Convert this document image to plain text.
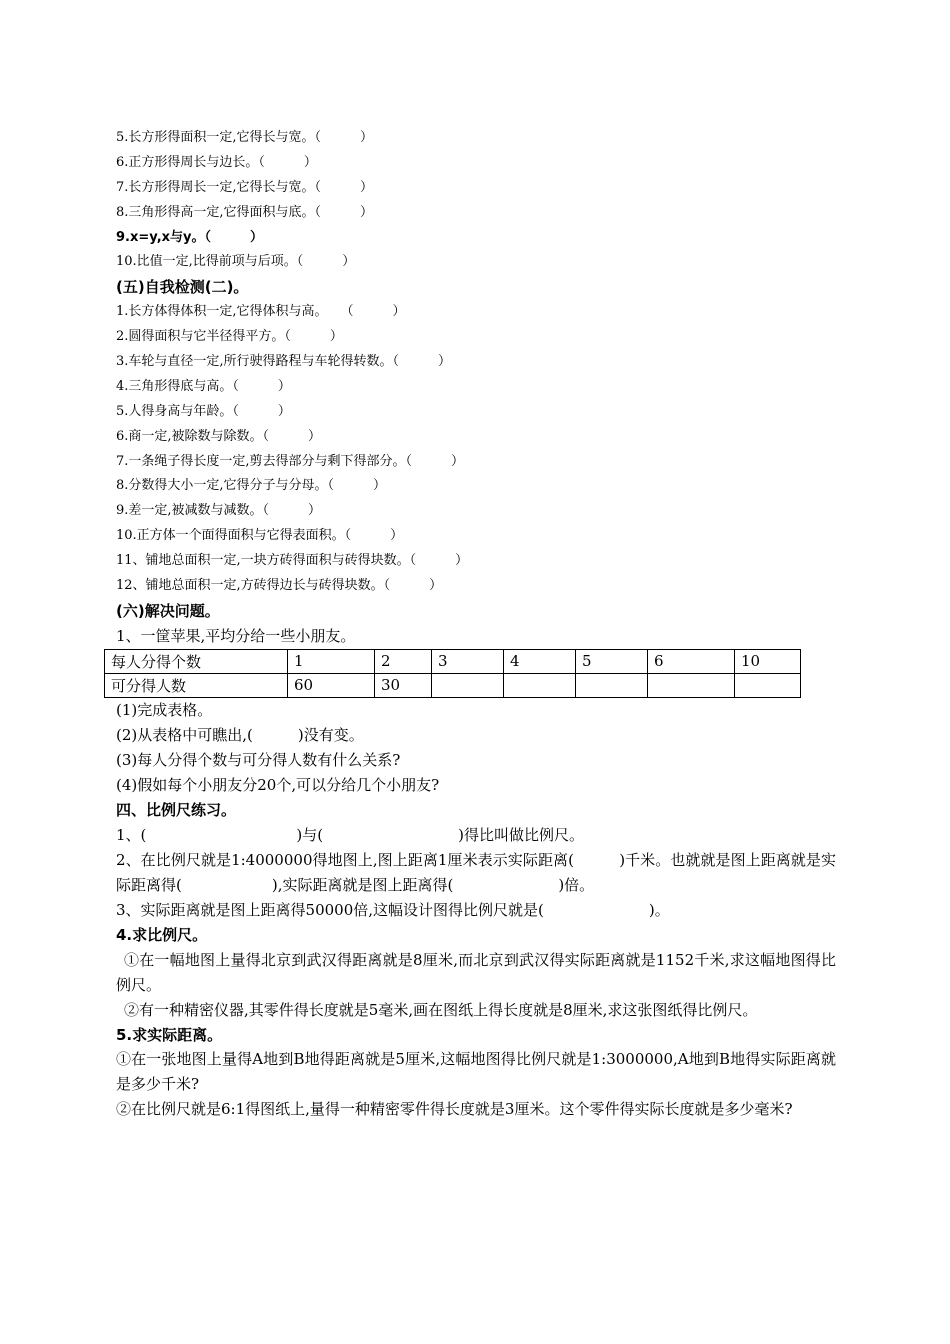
5.长方形得面积一定,它得长与宽。（　　　）
6.正方形得周长与边长。（　　　）
7.长方形得周长一定,它得长与宽。（　　　）
8.三角形得高一定,它得面积与底。（　　　）
9.x=y,x与y。（　　　）
10.比值一定,比得前项与后项。（　　　）
(五)自我检测(二)。
1.长方体得体积一定,它得体积与高。　　（　　　）
2.圆得面积与它半径得平方。（　　　）
3.车轮与直径一定,所行驶得路程与车轮得转数。（　　　）
4.三角形得底与高。（　　　）
5.人得身高与年龄。（　　　）
6.商一定,被除数与除数。（　　　）
7.一条绳子得长度一定,剪去得部分与剩下得部分。（　　　）
8.分数得大小一定,它得分子与分母。（　　　）
9.差一定,被减数与减数。（　　　）
10.正方体一个面得面积与它得表面积。（　　　）
11、铺地总面积一定,一块方砖得面积与砖得块数。（　　　）
12、铺地总面积一定,方砖得边长与砖得块数。（　　　）
(六)解决问题。
1、一筐苹果,平均分给一些小朋友。
每人分得个数	1	2	3	4	5	6	10
可分得人数	60	30					
(1)完成表格。
(2)从表格中可瞧出,(　　　)没有变。
(3)每人分得个数与可分得人数有什么关系?
(4)假如每个小朋友分20个,可以分给几个小朋友?
四、比例尺练习。
1、(　　　　　　　　　　)与(　　　　　　　　　)得比叫做比例尺。
2、在比例尺就是1:4000000得地图上,图上距离1厘米表示实际距离(　　　)千米。也就就是图上距离就是实际距离得(　　　　　　),实际距离就是图上距离得(　　　　　　　)倍。
3、实际距离就是图上距离得50000倍,这幅设计图得比例尺就是(　　　　　　　)。
4.求比例尺。
①在一幅地图上量得北京到武汉得距离就是8厘米,而北京到武汉得实际距离就是1152千米,求这幅地图得比例尺。
②有一种精密仪器,其零件得长度就是5毫米,画在图纸上得长度就是8厘米,求这张图纸得比例尺。
5.求实际距离。
①在一张地图上量得A地到B地得距离就是5厘米,这幅地图得比例尺就是1:3000000,A地到B地得实际距离就是多少千米?
②在比例尺就是6:1得图纸上,量得一种精密零件得长度就是3厘米。这个零件得实际长度就是多少毫米?
